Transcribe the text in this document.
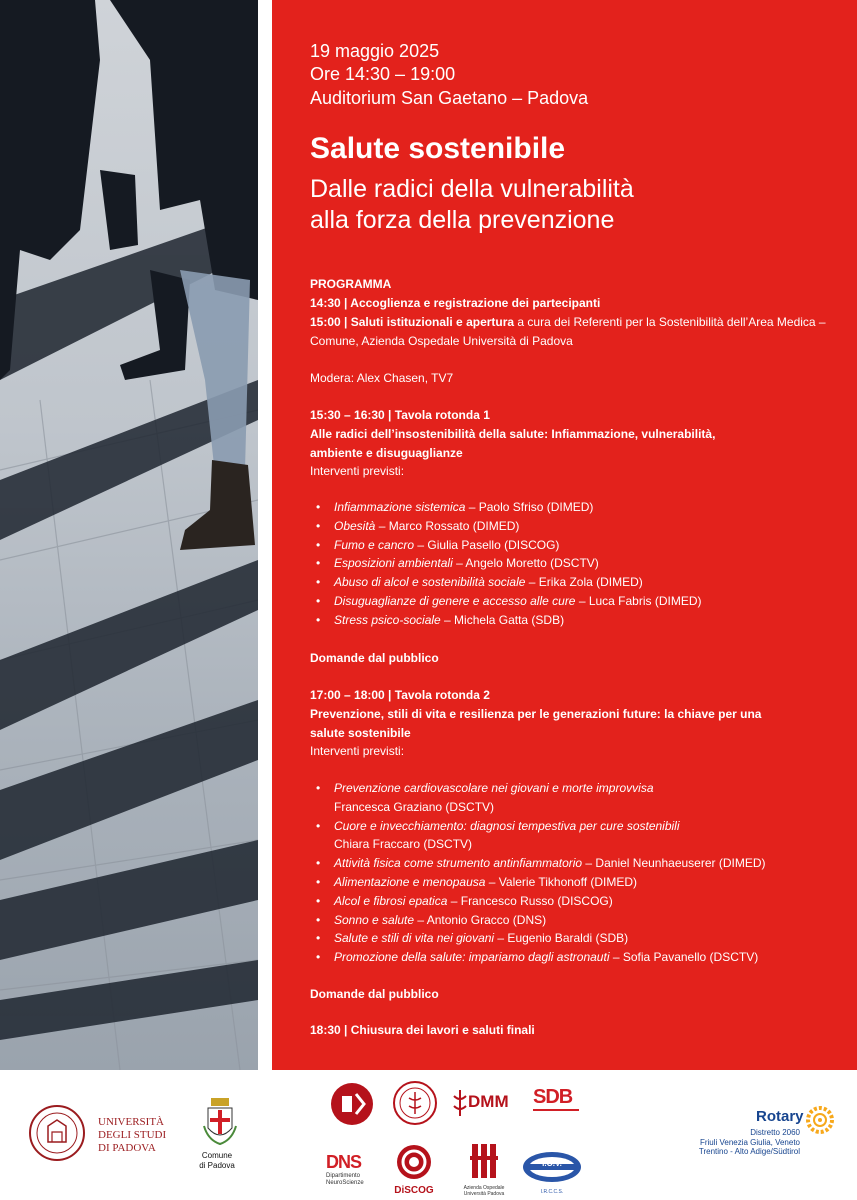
19 maggio 2025

Ore 14:30 – 19:00

Auditorium San Gaetano – Padova

Salute sostenibile
Dalle radici della vulnerabilità
alla forza della prevenzione

PROGRAMMA

14:30 | Accoglienza e registrazione dei partecipanti

15:00 | Saluti istituzionali e apertura a cura dei Referenti per la Sostenibilità dell’Area Medica – Comune, Azienda Ospedale Università di Padova

Modera: Alex Chasen, TV7

15:30 – 16:30 | Tavola rotonda 1

Alle radici dell’insostenibilità della salute: Infiammazione, vulnerabilità, ambiente e disuguaglianze

Interventi previsti:

• Infiammazione sistemica – Paolo Sfriso (DIMED)
• Obesità – Marco Rossato (DIMED)
• Fumo e cancro – Giulia Pasello (DISCOG)
• Esposizioni ambientali – Angelo Moretto (DSCTV)
• Abuso di alcol e sostenibilità sociale – Erika Zola (DIMED)
• Disuguaglianze di genere e accesso alle cure – Luca Fabris (DIMED)
• Stress psico-sociale – Michela Gatta (SDB)

Domande dal pubblico

17:00 – 18:00 | Tavola rotonda 2

Prevenzione, stili di vita e resilienza per le generazioni future: la chiave per una salute sostenibile

Interventi previsti:

• Prevenzione cardiovascolare nei giovani e morte improvvisa
Francesca Graziano (DSCTV)
• Cuore e invecchiamento: diagnosi tempestiva per cure sostenibili
Chiara Fraccaro (DSCTV)
• Attività fisica come strumento antinfiammatorio – Daniel Neunhaeuserer (DIMED)
• Alimentazione e menopausa – Valerie Tikhonoff (DIMED)
• Alcol e fibrosi epatica – Francesco Russo (DISCOG)
• Sonno e salute – Antonio Gracco (DNS)
• Salute e stili di vita nei giovani – Eugenio Baraldi (SDB)
• Promozione della salute: impariamo dagli astronauti – Sofia Pavanello (DSCTV)

Domande dal pubblico

18:30 | Chiusura dei lavori e saluti finali

UNIVERSITÀ
DEGLI STUDI
DI PADOVA
Comune
di Padova
DMM SDB
DNS
Dipartimento
NeuroScienze
DiSCOG	Azienda Ospedale
Università Padova
I.O.V.
I.R.C.C.S.
Rotary
Distretto 2060
Friuli Venezia Giulia, Veneto
Trentino - Alto Adige/Südtirol
